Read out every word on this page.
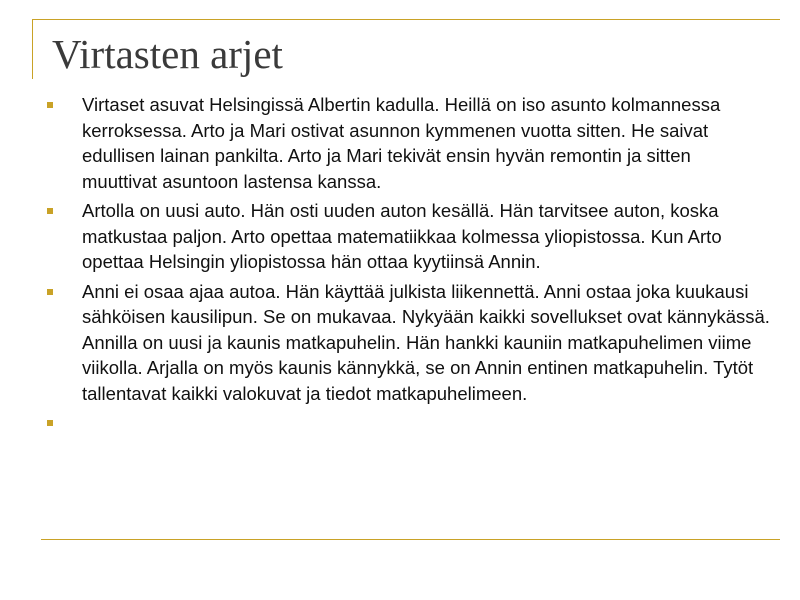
Virtasten arjet
Virtaset asuvat Helsingissä Albertin kadulla. Heillä on iso asunto kolmannessa kerroksessa. Arto ja Mari ostivat asunnon kymmenen vuotta sitten. He saivat edullisen lainan pankilta. Arto ja Mari tekivät ensin hyvän remontin ja sitten muuttivat asuntoon lastensa kanssa.
Artolla on uusi auto. Hän osti uuden auton kesällä. Hän tarvitsee auton, koska matkustaa paljon. Arto opettaa matematiikkaa kolmessa yliopistossa. Kun Arto opettaa Helsingin yliopistossa hän ottaa kyytiinsä Annin.
Anni ei osaa ajaa autoa. Hän käyttää julkista liikennettä. Anni ostaa joka kuukausi sähköisen kausilipun. Se on mukavaa. Nykyään kaikki sovellukset ovat kännykässä. Annilla on uusi ja kaunis matkapuhelin. Hän hankki kauniin matkapuhelimen viime viikolla. Arjalla on myös kaunis kännykkä, se on Annin entinen matkapuhelin. Tytöt tallentavat kaikki valokuvat ja tiedot matkapuhelimeen.
